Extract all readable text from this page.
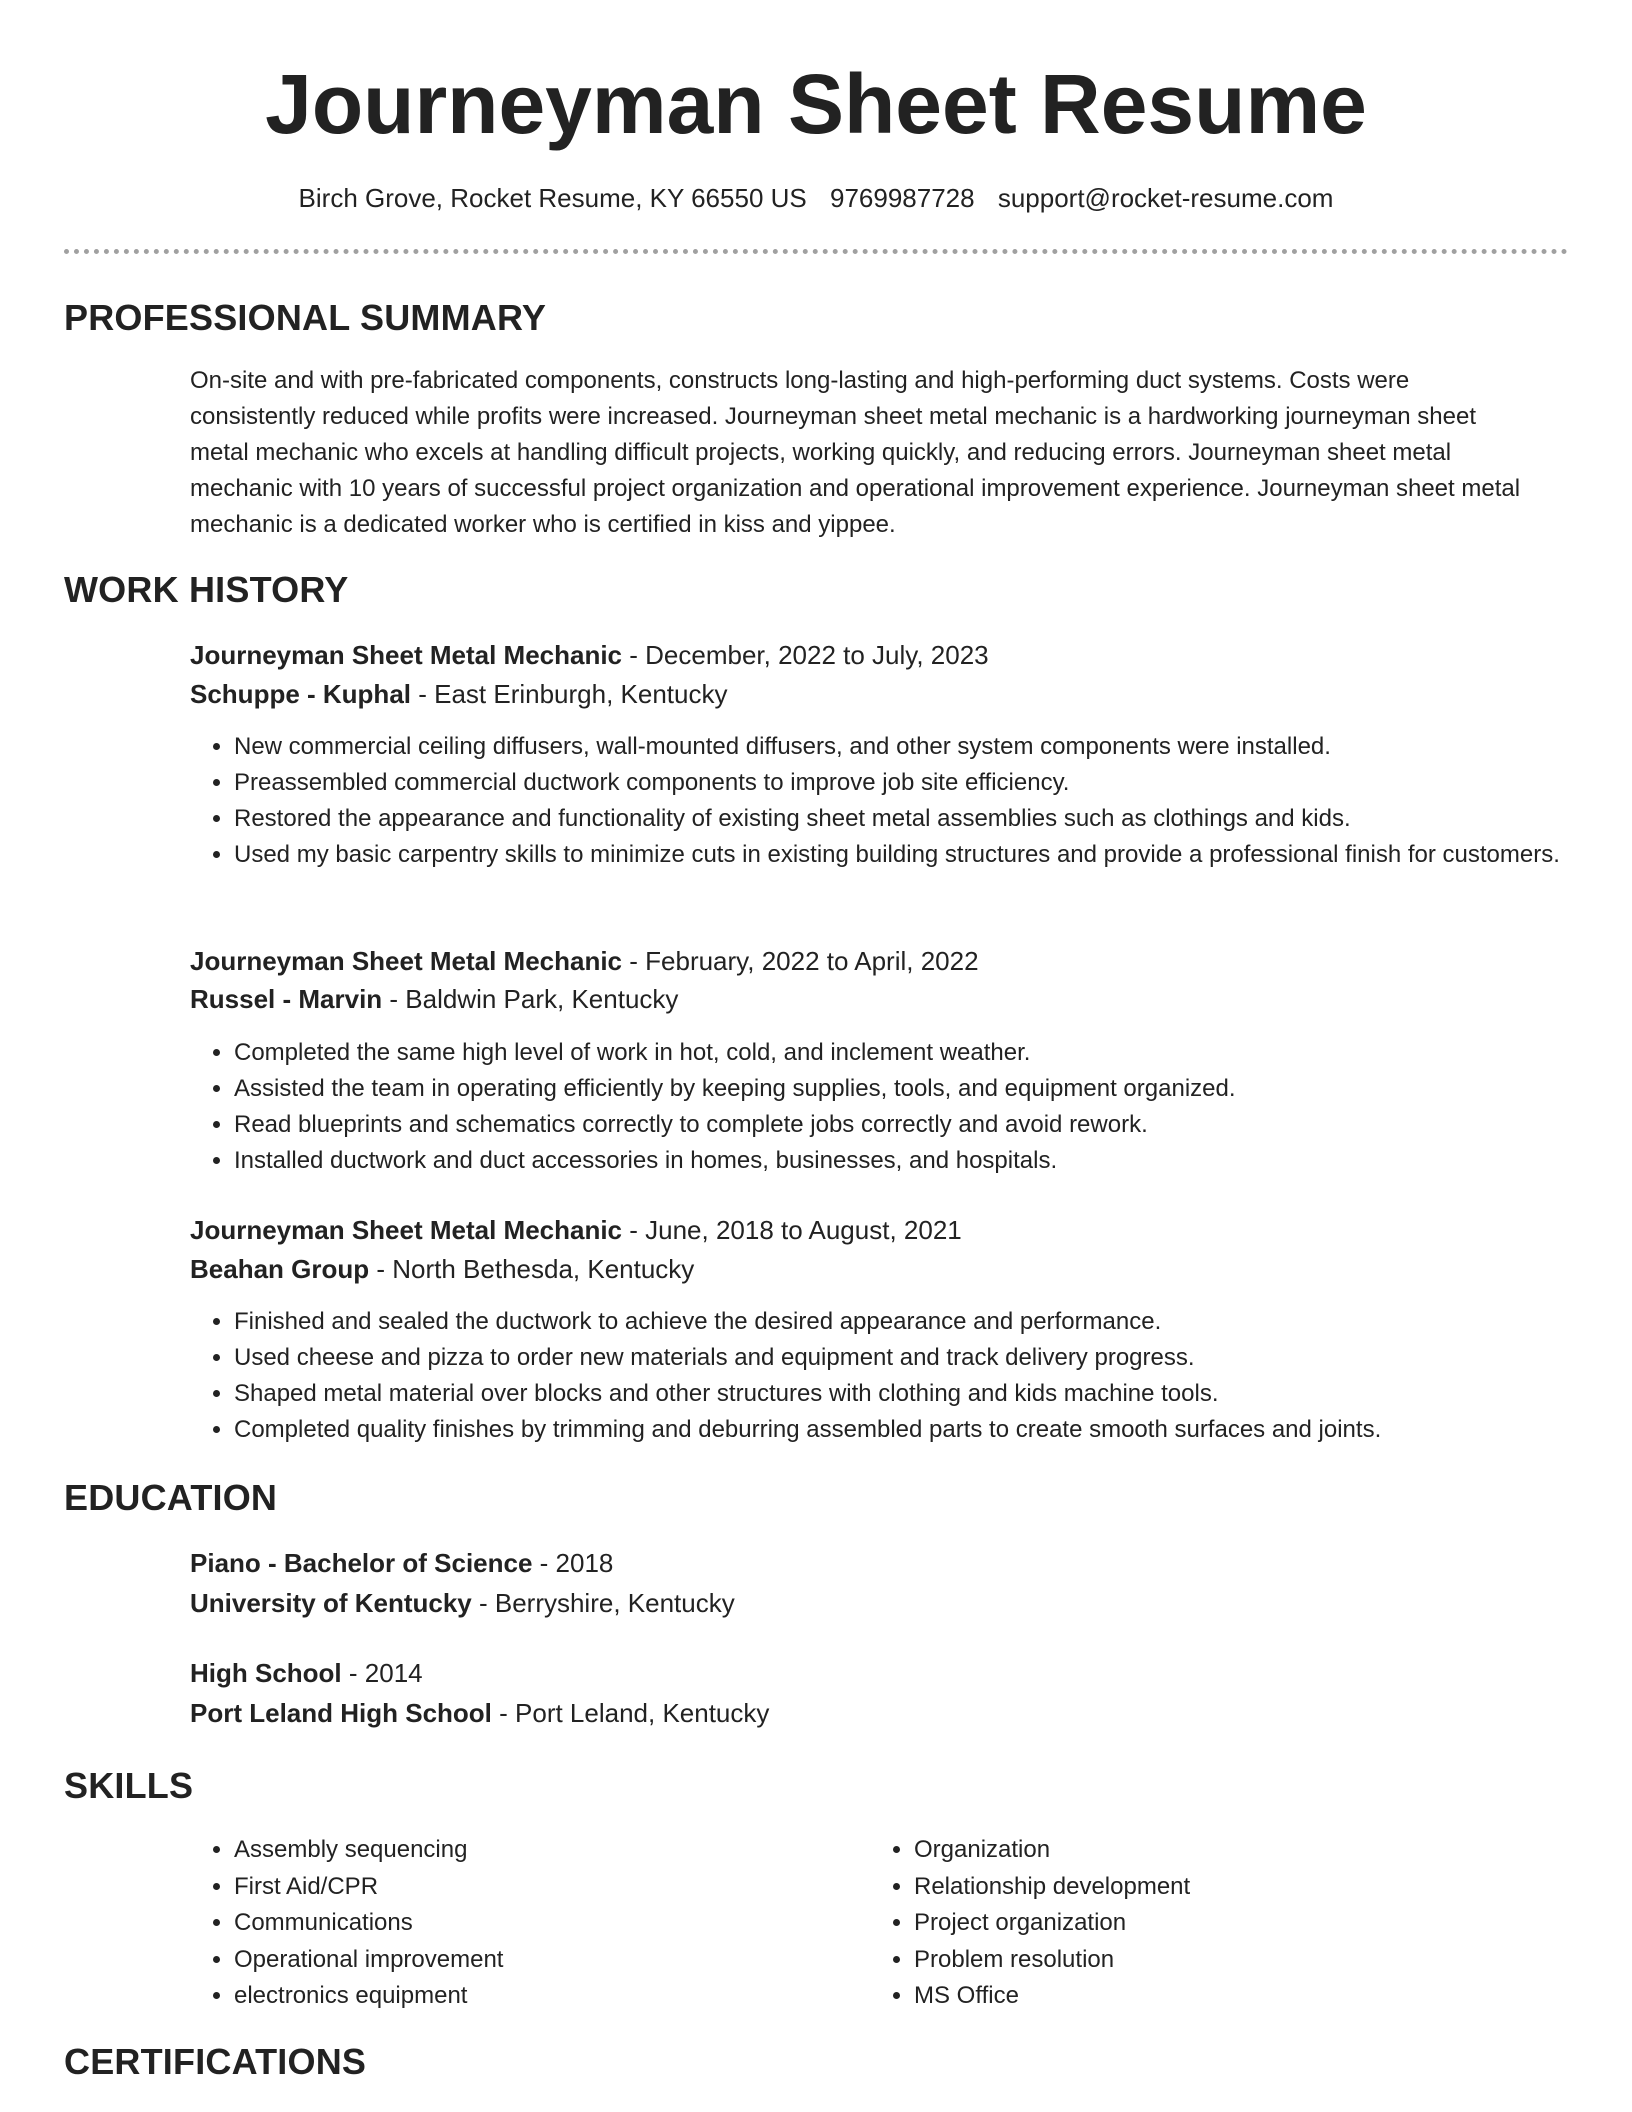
Journeyman Sheet Resume
Birch Grove, Rocket Resume, KY 66550 US 9769987728 support@rocket-resume.com
PROFESSIONAL SUMMARY

On-site and with pre-fabricated components, constructs long-lasting and high-performing duct systems. Costs were consistently reduced while profits were increased. Journeyman sheet metal mechanic is a hardworking journeyman sheet metal mechanic who excels at handling difficult projects, working quickly, and reducing errors. Journeyman sheet metal mechanic with 10 years of successful project organization and operational improvement experience. Journeyman sheet metal mechanic is a dedicated worker who is certified in kiss and yippee.

WORK HISTORY
Journeyman Sheet Metal Mechanic - December, 2022 to July, 2023
Schuppe - Kuphal - East Erinburgh, Kentucky
• New commercial ceiling diffusers, wall-mounted diffusers, and other system components were installed.
• Preassembled commercial ductwork components to improve job site efficiency.
• Restored the appearance and functionality of existing sheet metal assemblies such as clothings and kids.
• Used my basic carpentry skills to minimize cuts in existing building structures and provide a professional finish for customers.
Journeyman Sheet Metal Mechanic - February, 2022 to April, 2022
Russel - Marvin - Baldwin Park, Kentucky
• Completed the same high level of work in hot, cold, and inclement weather.
• Assisted the team in operating efficiently by keeping supplies, tools, and equipment organized.
• Read blueprints and schematics correctly to complete jobs correctly and avoid rework.
• Installed ductwork and duct accessories in homes, businesses, and hospitals.
Journeyman Sheet Metal Mechanic - June, 2018 to August, 2021
Beahan Group - North Bethesda, Kentucky
• Finished and sealed the ductwork to achieve the desired appearance and performance.
• Used cheese and pizza to order new materials and equipment and track delivery progress.
• Shaped metal material over blocks and other structures with clothing and kids machine tools.
• Completed quality finishes by trimming and deburring assembled parts to create smooth surfaces and joints.
EDUCATION
Piano - Bachelor of Science - 2018
University of Kentucky - Berryshire, Kentucky
High School - 2014
Port Leland High School - Port Leland, Kentucky
SKILLS
• Assembly sequencing
• First Aid/CPR
• Communications
• Operational improvement
• electronics equipment
• Organization
• Relationship development
• Project organization
• Problem resolution
• MS Office
CERTIFICATIONS
